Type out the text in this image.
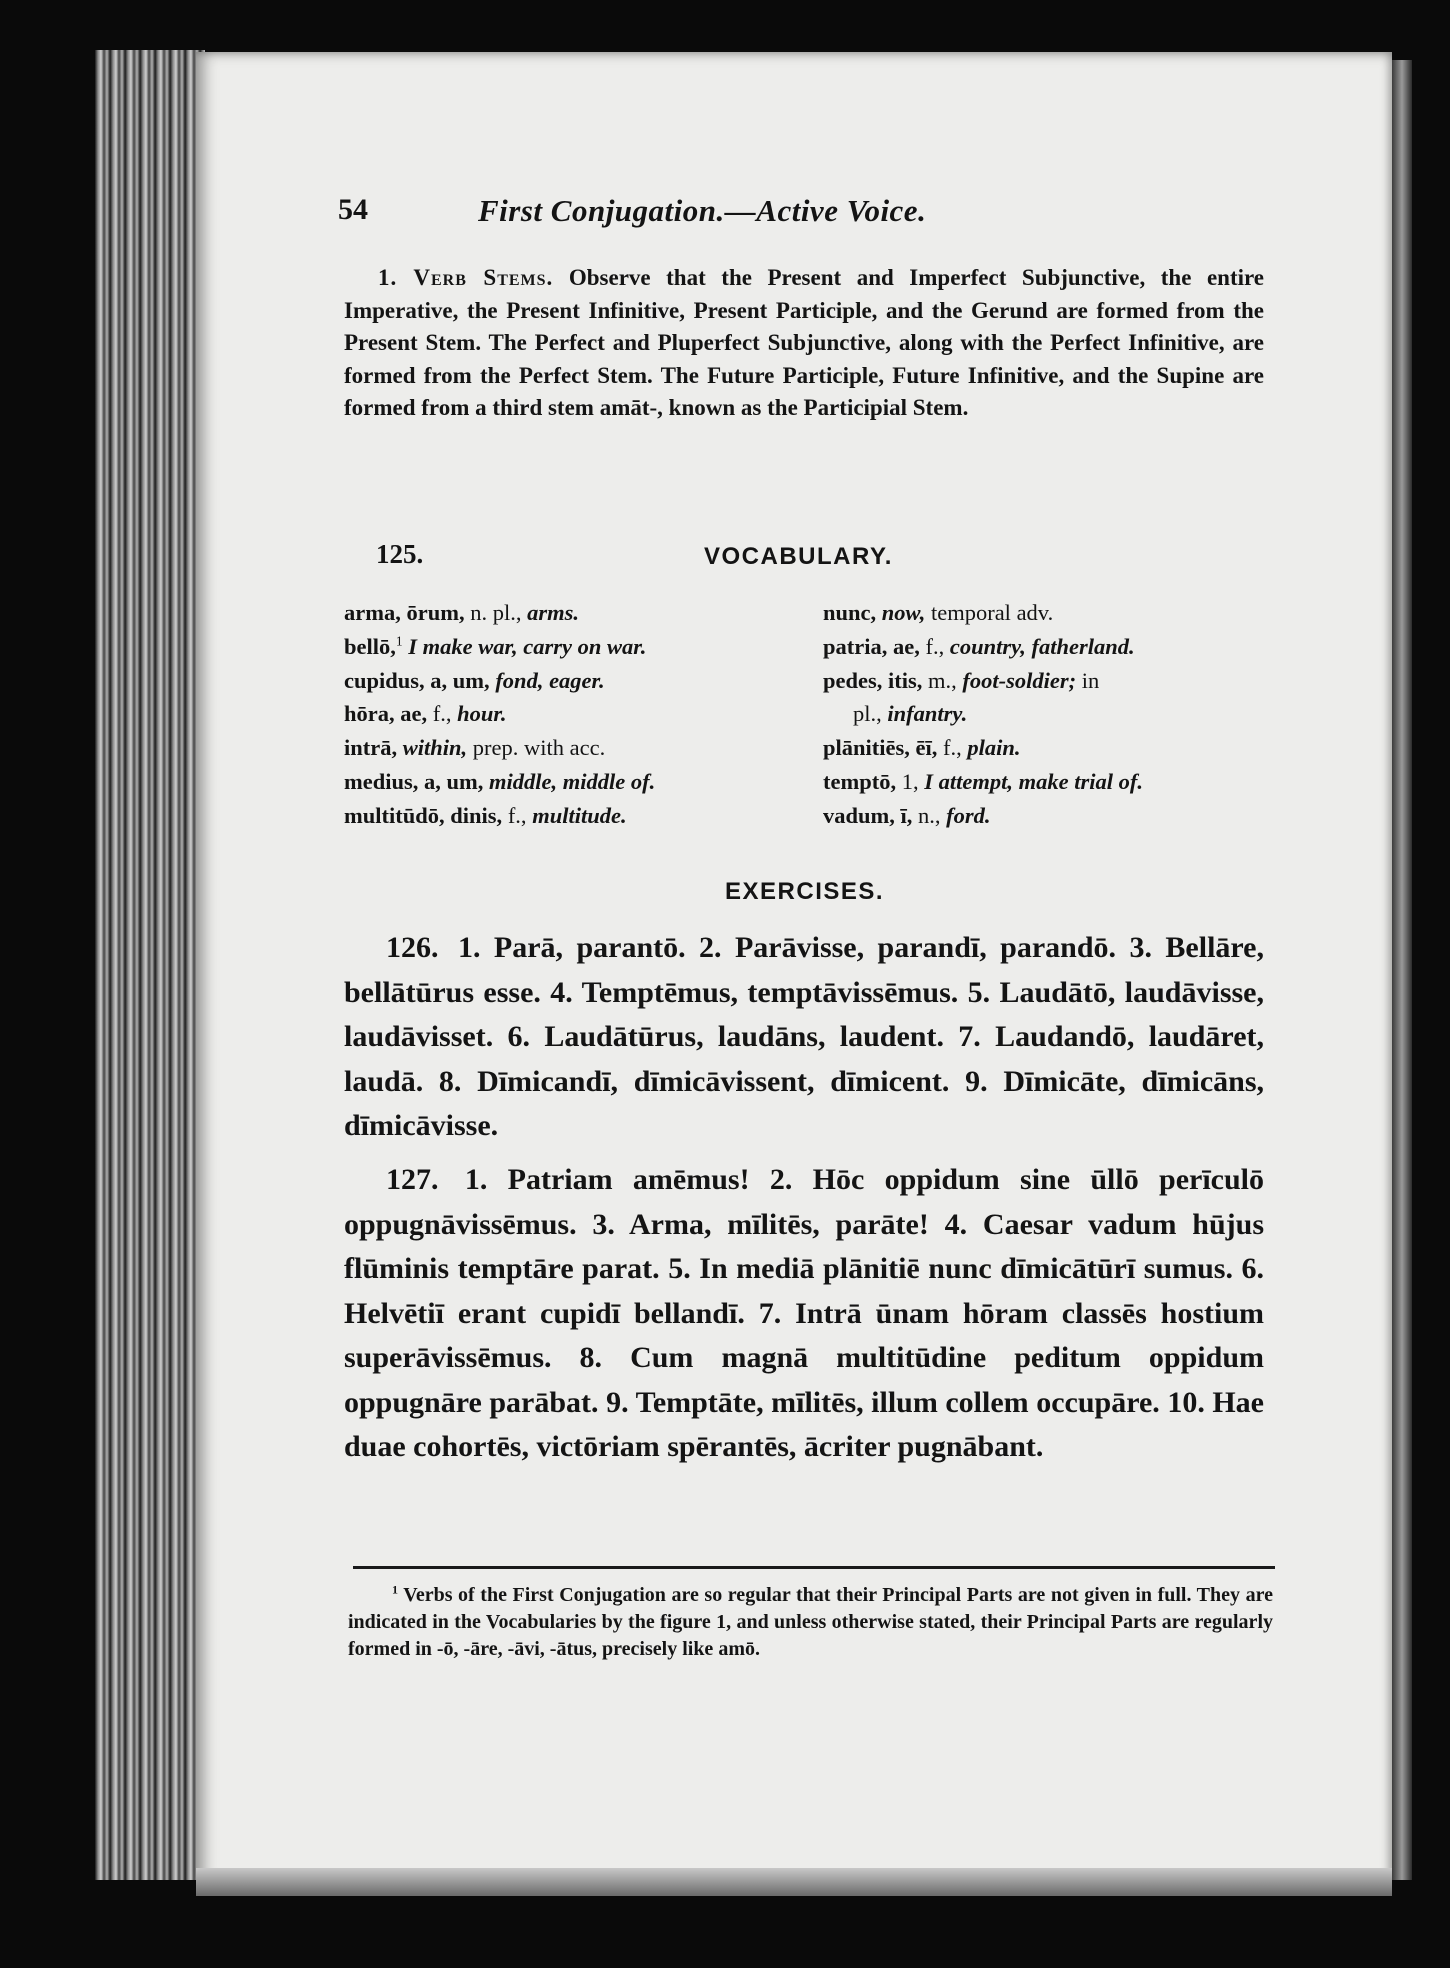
54	First Conjugation.—Active Voice.
1. Verb Stems. Observe that the Present and Imperfect Subjunctive, the entire Imperative, the Present Infinitive, Present Participle, and the Gerund are formed from the Present Stem. The Perfect and Pluperfect Subjunctive, along with the Perfect Infinitive, are formed from the Perfect Stem. The Future Participle, Future Infinitive, and the Supine are formed from a third stem amāt-, known as the Participial Stem.
125.	VOCABULARY.
arma, ōrum, n. pl., arms.
bellō,$^1$ I make war, carry on war.
cupidus, a, um, fond, eager.
hōra, ae, f., hour.
intrā, within, prep. with acc.
medius, a, um, middle, middle of.
multitūdō, dinis, f., multitude.
nunc, now, temporal adv.
patria, ae, f., country, fatherland.
pedes, itis, m., foot-soldier; in
pl., infantry.
plānitiēs, ēī, f., plain.
temptō, 1, I attempt, make trial of.
vadum, ī, n., ford.
EXERCISES.
126. 1. Parā, parantō. 2. Parāvisse, parandī, parandō. 3. Bellāre, bellātūrus esse. 4. Temptēmus, temptāvissēmus. 5. Laudātō, laudāvisse, laudāvisset. 6. Laudātūrus, laudāns, laudent. 7. Laudandō, laudāret, laudā. 8. Dīmicandī, dīmicāvissent, dīmicent. 9. Dīmicāte, dīmicāns, dīmicāvisse.
127. 1. Patriam amēmus! 2. Hōc oppidum sine ūllō perīculō oppugnāvissēmus. 3. Arma, mīlitēs, parāte! 4. Caesar vadum hūjus flūminis temptāre parat. 5. In mediā plānitiē nunc dīmicātūrī sumus. 6. Helvētiī erant cupidī bellandī. 7. Intrā ūnam hōram classēs hostium superāvissēmus. 8. Cum magnā multitūdine peditum oppidum oppugnāre parābat. 9. Temptāte, mīlitēs, illum collem occupāre. 10. Hae duae cohortēs, victōriam spērantēs, ācriter pugnābant.
$^1$ Verbs of the First Conjugation are so regular that their Principal Parts are not given in full. They are indicated in the Vocabularies by the figure 1, and unless otherwise stated, their Principal Parts are regularly formed in -ō, -āre, -āvi, -ātus, precisely like amō.
